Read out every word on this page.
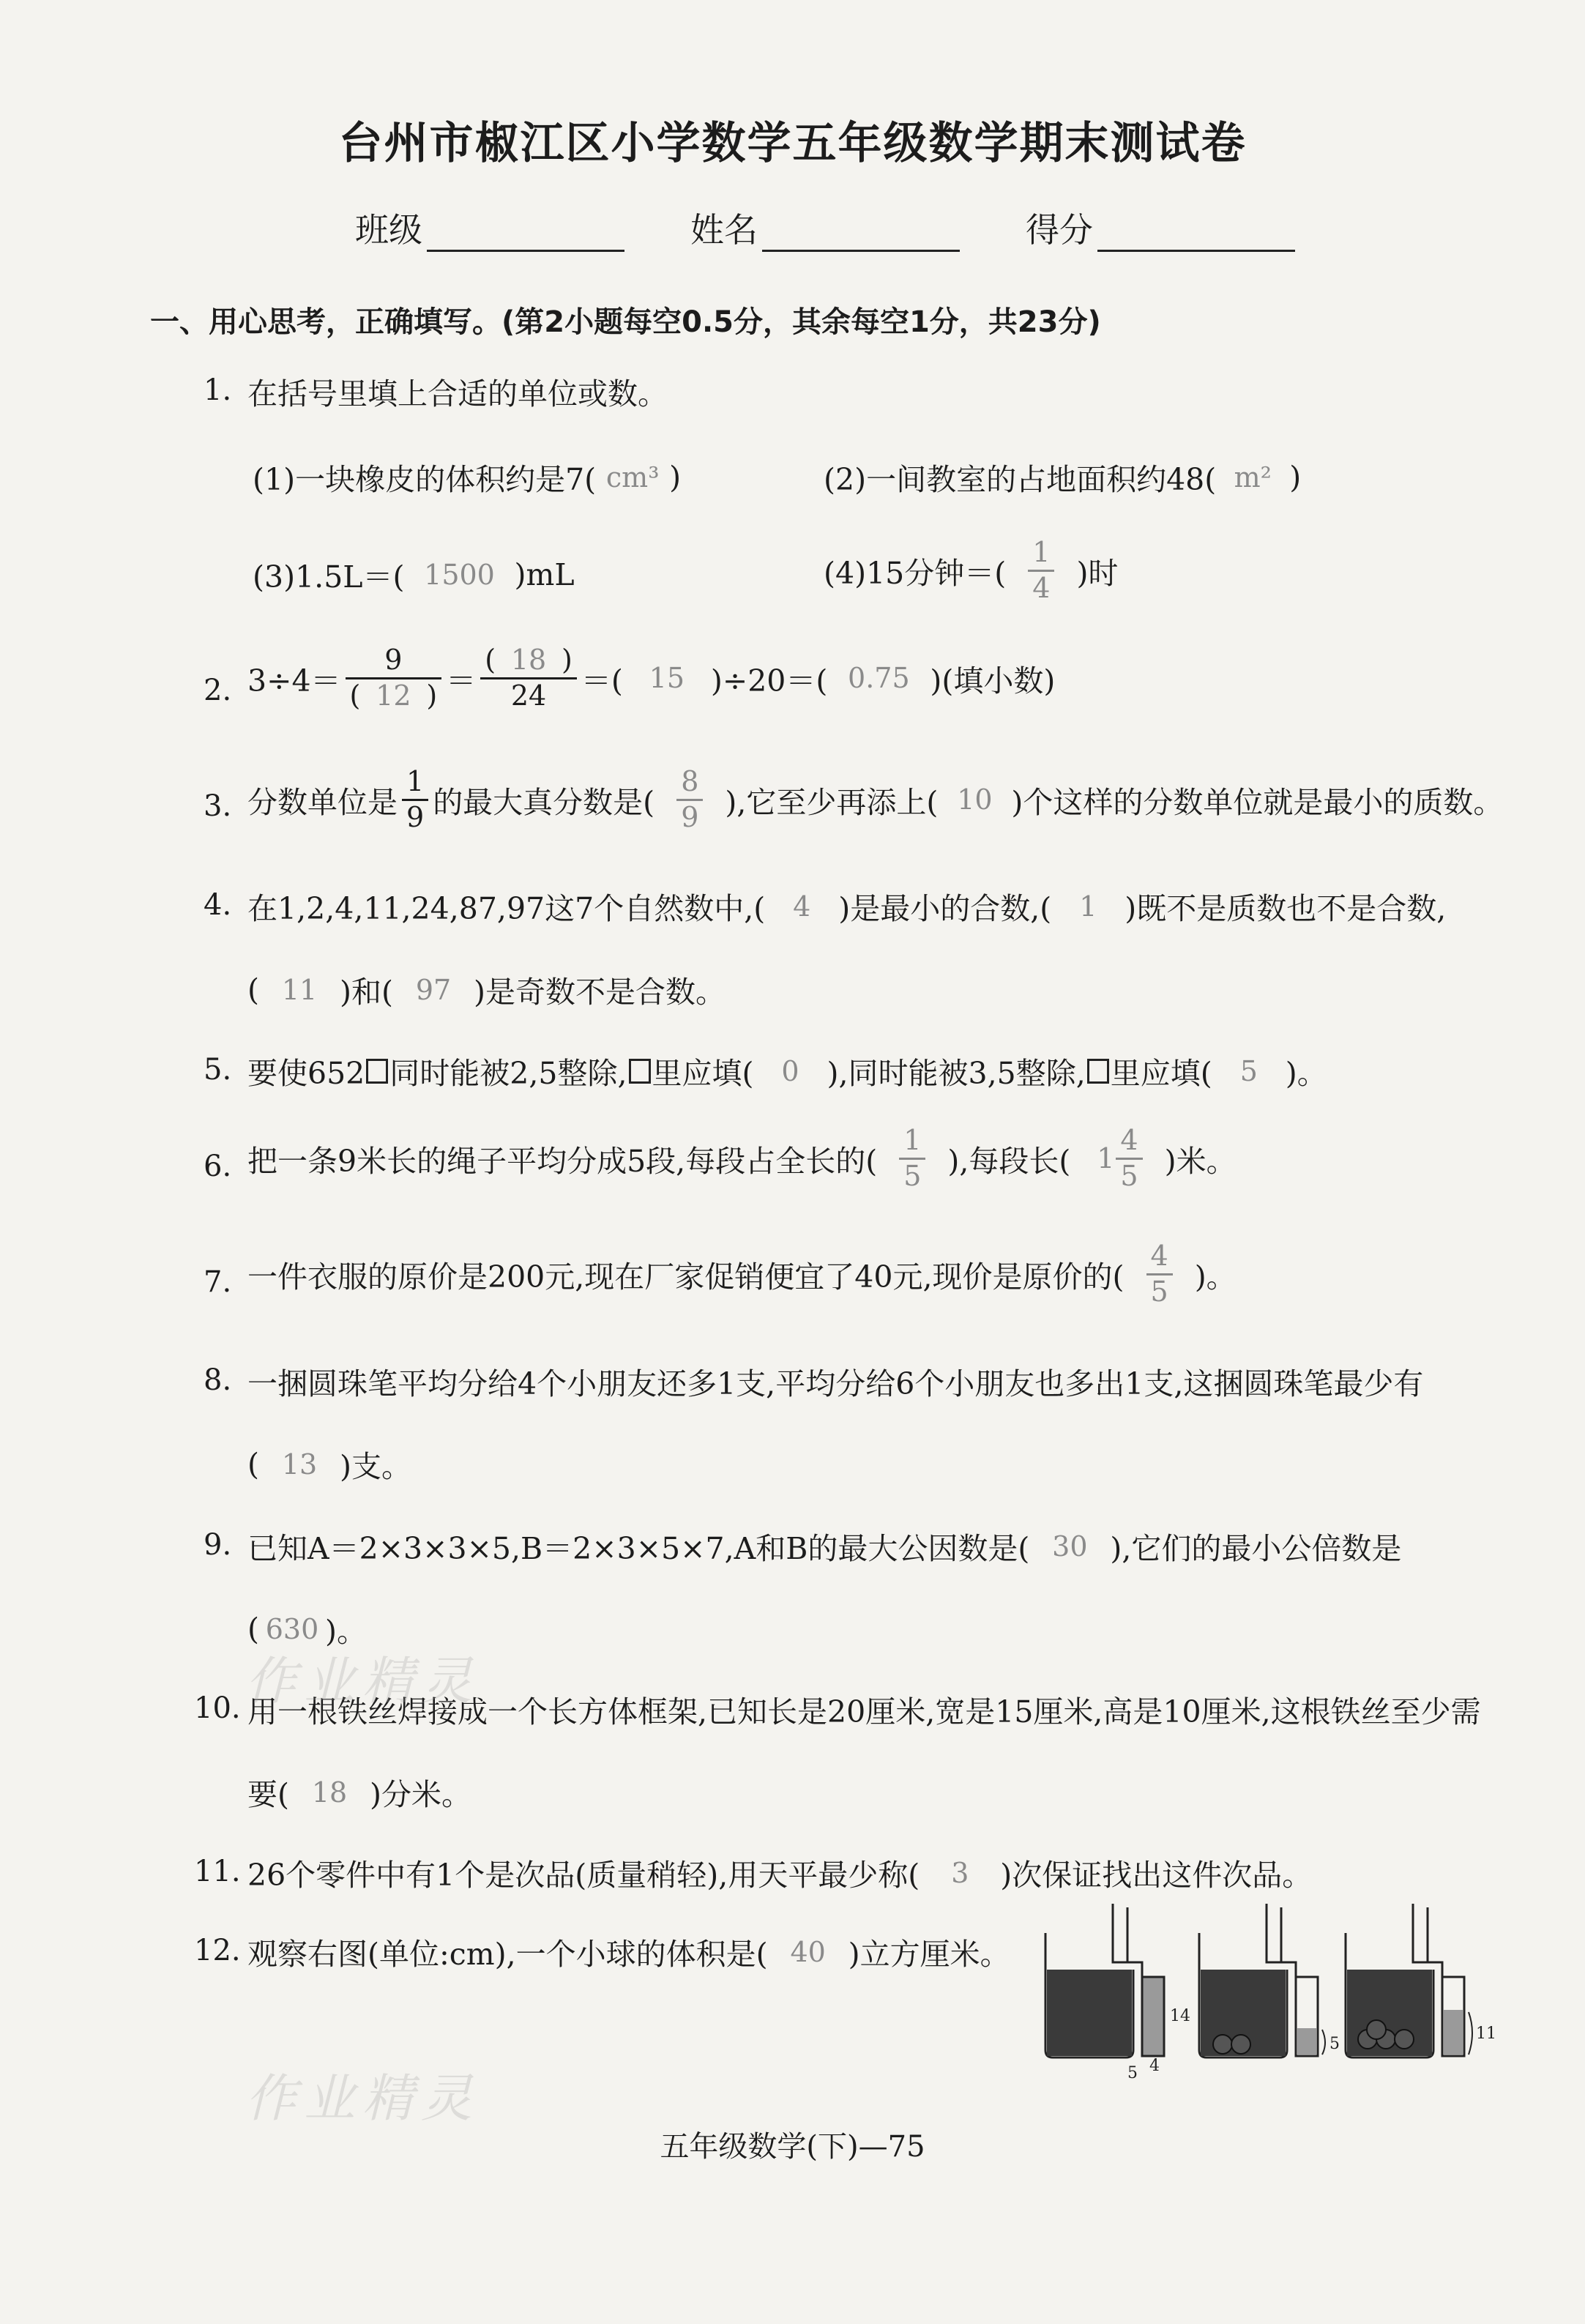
台州市椒江区小学数学五年级数学期末测试卷
班级	姓名	得分
一、用心思考，正确填写。(第2小题每空0.5分，其余每空1分，共23分)
1. 在括号里填上合适的单位或数。
(1)一块橡皮的体积约是7( cm³ )	(2)一间教室的占地面积约48( m² )
(3)1.5L＝( 1500 )mL	(4)15分钟＝( $\frac{1}{4}$ )时
2. $3\div 4= \frac{9}{( 12 )} = \frac{( 18 )}{24}$ ＝( 15 )÷20＝( 0.75 )(填小数)
3. 分数单位是 $\frac{1}{9}$ 的最大真分数是( $\frac{8}{9}$ ),它至少再添上( 10 )个这样的分数单位就是最小的质数。
4. 在1,2,4,11,24,87,97这7个自然数中,( 4 )是最小的合数,( 1 )既不是质数也不是合数,
( 11 )和( 97 )是奇数不是合数。
5. 要使652 同时能被2,5整除, 里应填( 0 ),同时能被3,5整除, 里应填( 5 )。
6. 把一条9米长的绳子平均分成5段,每段占全长的( $\frac{1}{5}$ ),每段长( $1 \frac{4}{5}$ )米。
7. 一件衣服的原价是200元,现在厂家促销便宜了40元,现价是原价的( $\frac{4}{5}$ )。
8. 一捆圆珠笔平均分给4个小朋友还多1支,平均分给6个小朋友也多出1支,这捆圆珠笔最少有
( 13 )支。
9. 已知A＝2×3×3×5,B＝2×3×5×7,A和B的最大公因数是( 30 ),它们的最小公倍数是
( 630 )。
10. 用一根铁丝焊接成一个长方体框架,已知长是20厘米,宽是15厘米,高是10厘米,这根铁丝至少需
要( 18 )分米。
11. 26个零件中有1个是次品(质量稍轻),用天平最少称(	3	)次保证找出这件次品。
12. 观察右图(单位:cm),一个小球的体积是( 40 )立方厘米。
14
5 4
5
11
作业精灵
作业精灵
五年级数学(下)—75
